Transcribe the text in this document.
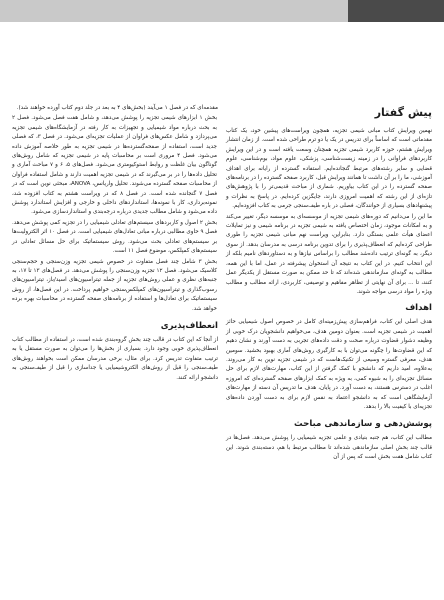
پیش گفتار

نهمین ویرایش کتاب مبانی شیمی تجزیه، همچون ویراست‌های پیشین خود، یک کتاب مقدماتی است که اساساً برای تدریس در یک یا دو ترم طراحی شده است. از زمان انتشار ویرایش هشتم، حوزه کاربرد شیمی تجزیه همچنان وسعت یافته است و در این ویرایش کاربردهای فراوانی را در زمینه زیست‌شناسی، پزشکی، علوم مواد، بوم‌شناسی، علوم قضایی و سایر رشته‌های مرتبط گنجانده‌ایم. استفاده گسترده از رایانه برای اهداف آموزشی، ما را بر آن داشت تا همانند ویرایش قبل، کاربرد صفحه گسترده را در برنامه‌های صفحه گسترده را در این کتاب بیاوریم. شماری از مباحث قدیمی‌تر را با پژوهش‌های تازه‌ای از این رشته که اهمیت امروزی دارند، جایگزین کرده‌ایم. در پاسخ به نظرات و پیشنهادهای بسیاری از خوانندگان، فصلی در باره طیف‌سنجی جرمی به کتاب افزوده‌ایم.

ما این را می‌دانیم که دوره‌های شیمی تجزیه از موسسه‌ای به موسسه دیگر، تغییر می‌کند و به امکانات موجود، زمان اختصاص یافته به شیمی تجزیه در برنامه شیمی و نیز تمایلات اعضای هیأت علمی بستگی دارد. بنابراین، ویراست نهم مبانی شیمی تجزیه را طوری طراحی کرده‌ایم که انعطاف‌پذیری را برای تدوین برنامه درسی به مدرسان بدهد. از سوی دیگر، به گونه‌ای ترتیب داده‌شد مطالب را براساس نیازها و به دستاوردهای نامیم بلکه از این انتخاب کنیم. در این کتاب به نتیجه آن استخوان پیشرفته در عمل، اما با این همه، مطالب به گونه‌ای سازماندهی شده‌اند که تا حد ممکن به صورت مستقل از یکدیگر عمل کنند، تا ... برای آن نهایتی از تظاهر مفاهیم و توصیفی، کاربردی، ارائه مطالب و مطالب ویژه را مواد درسی مواجه شوند.

اهداف

هدف اصلی این کتاب، فراهم‌سازی پیش‌زمینه‌ای کامل در خصوص اصول شیمیایی حائز اهمیت در شیمی تجزیه است. بعنوان دومین هدف، می‌خواهیم دانشجویان درک خوبی از وظیفه دشوار قضاوت درباره صحت و دقت داده‌های تجربی به دست آورند و نشان دهیم که این قضاوت‌ها را چگونه می‌توان با به کارگیری روش‌های آماری بهبود بخشید. سومین هدف، معرفی گستره وسیعی از تکنیک‌هاست که در شیمی تجزیه نوین به کار می‌روند. به‌علاوه، امید داریم که دانشجو با کمک گرفتن از این کتاب، مهارت‌های لازم برای حل مسائل تجزیه‌ای را به شیوه کمی، به ویژه به کمک ابزارهای صفحه گسترده‌ای که امروزه اغلب در دسترس هستند، به دست آورد. در پایان، هدف ما تدریس آن دسته از مهارت‌های آزمایشگاهی است که به دانشجو اعتماد به نفس لازم برای به دست آوردن داده‌های تجزیه‌ای با کیفیت بالا را بدهد.

پوشش‌دهی و سازماندهی مباحث

مطالب این کتاب، هم جنبه بنیادی و علمی تجزیه شیمیایی را پوشش می‌دهد. فصل‌ها در قالب چند بخش اصلی سازماندهی شده‌اند تا مطالب مرتبط با هم، دسته‌بندی شوند. این کتاب شامل هفت بخش است که پس از آن

مقدمه‌ای که در فصل ۱ می‌آیند (بخش‌های ۴ به بعد در جلد دوم کتاب آورده خواهند شد).

بخش ۱ ابزارهای شیمی تجزیه را پوشش می‌دهد، و شامل هفت فصل می‌شود. فصل ۲ به بحث درباره مواد شیمیایی و تجهیزات به کار رفته در آزمایشگاه‌های شیمی تجزیه می‌پردازد و شامل عکس‌های فراوان از عملیات تجزیه‌ای می‌شود. در فصل ۳، که فصلی جدید است، استفاده از صفحه‌گسترده‌ها در شیمی تجزیه به طور خلاصه آموزش داده می‌شود. فصل ۴ مروری است بر محاسبات پایه در شیمی تجزیه که شامل روش‌های گوناگون بیان غلظت و روابط استوکیومتری می‌شود. فصل‌های ۵، ۶ و ۷ مباحث آماری و تحلیل داده‌ها را در بر می‌گیرند که در شیمی تجزیه اهمیت دارند و شامل استفاده فراوان از محاسبات صفحه گسترده می‌شوند. تحلیل واریانس، ANOVA، مبحثی نوین است که در فصل ۷ گنجانده شده است. در فصل ۸ که در ویراست هشتم به کتاب افزوده شد، نمونه‌برداری، کار با نمونه‌ها، استانداردهای داخلی و خارجی و افزایش استاندارد پوشش داده می‌شود و شامل مطالب جدیدی درباره درجه‌بندی و استانداردسازی می‌شود.

بخش ۲ اصول و کاربردهای سیستم‌های تعادلی شیمیایی را در تجزیه کمی پوشش می‌دهد. فصل ۹ حاوی مطالبی درباره مبانی تعادل‌های شیمیایی است. در فصل ۱۰ اثر الکترولیت‌ها بر سیستم‌های تعادلی بحث می‌شود. روش سیستماتیک برای حل مسائل تعادلی در سیستم‌های کمپلکس، موضوع فصل ۱۱ است.

بخش ۳ شامل چند فصل متفاوت در خصوص شیمی تجزیه وزن‌سنجی و حجم‌سنجی کلاسیک می‌شود. فصل ۱۲ تجزیه وزن‌سنجی را پوشش می‌دهد. در فصل‌های ۱۳ تا ۱۷، به جنبه‌های نظری و عملی روش‌های تجزیه از جمله تیتراسیون‌های اسید/باز، تیتراسیون‌های رسوب‌گذاری و تیتراسیون‌های کمپلکس‌سنجی خواهیم پرداخت. در این فصل‌ها، از روش سیستماتیک برای تعادل‌ها و استفاده از برنامه‌های صفحه گسترده در محاسبات بهره برده خواهد شد.

انعطاف‌پذیری

از آنجا که این کتاب در قالب چند بخش گروه‌بندی شده است، در استفاده از مطالب کتاب انعطاف‌پذیری خوبی وجود دارد. بسیاری از بخش‌ها را می‌توان به صورت مستقل یا به ترتیب متفاوت تدریس کرد. برای مثال، برخی مدرسان ممکن است بخواهند روش‌های طیف‌سنجی را قبل از روش‌های الکتروشیمیایی یا جداسازی را قبل از طیف‌سنجی به دانشجو ارائه کنند.
